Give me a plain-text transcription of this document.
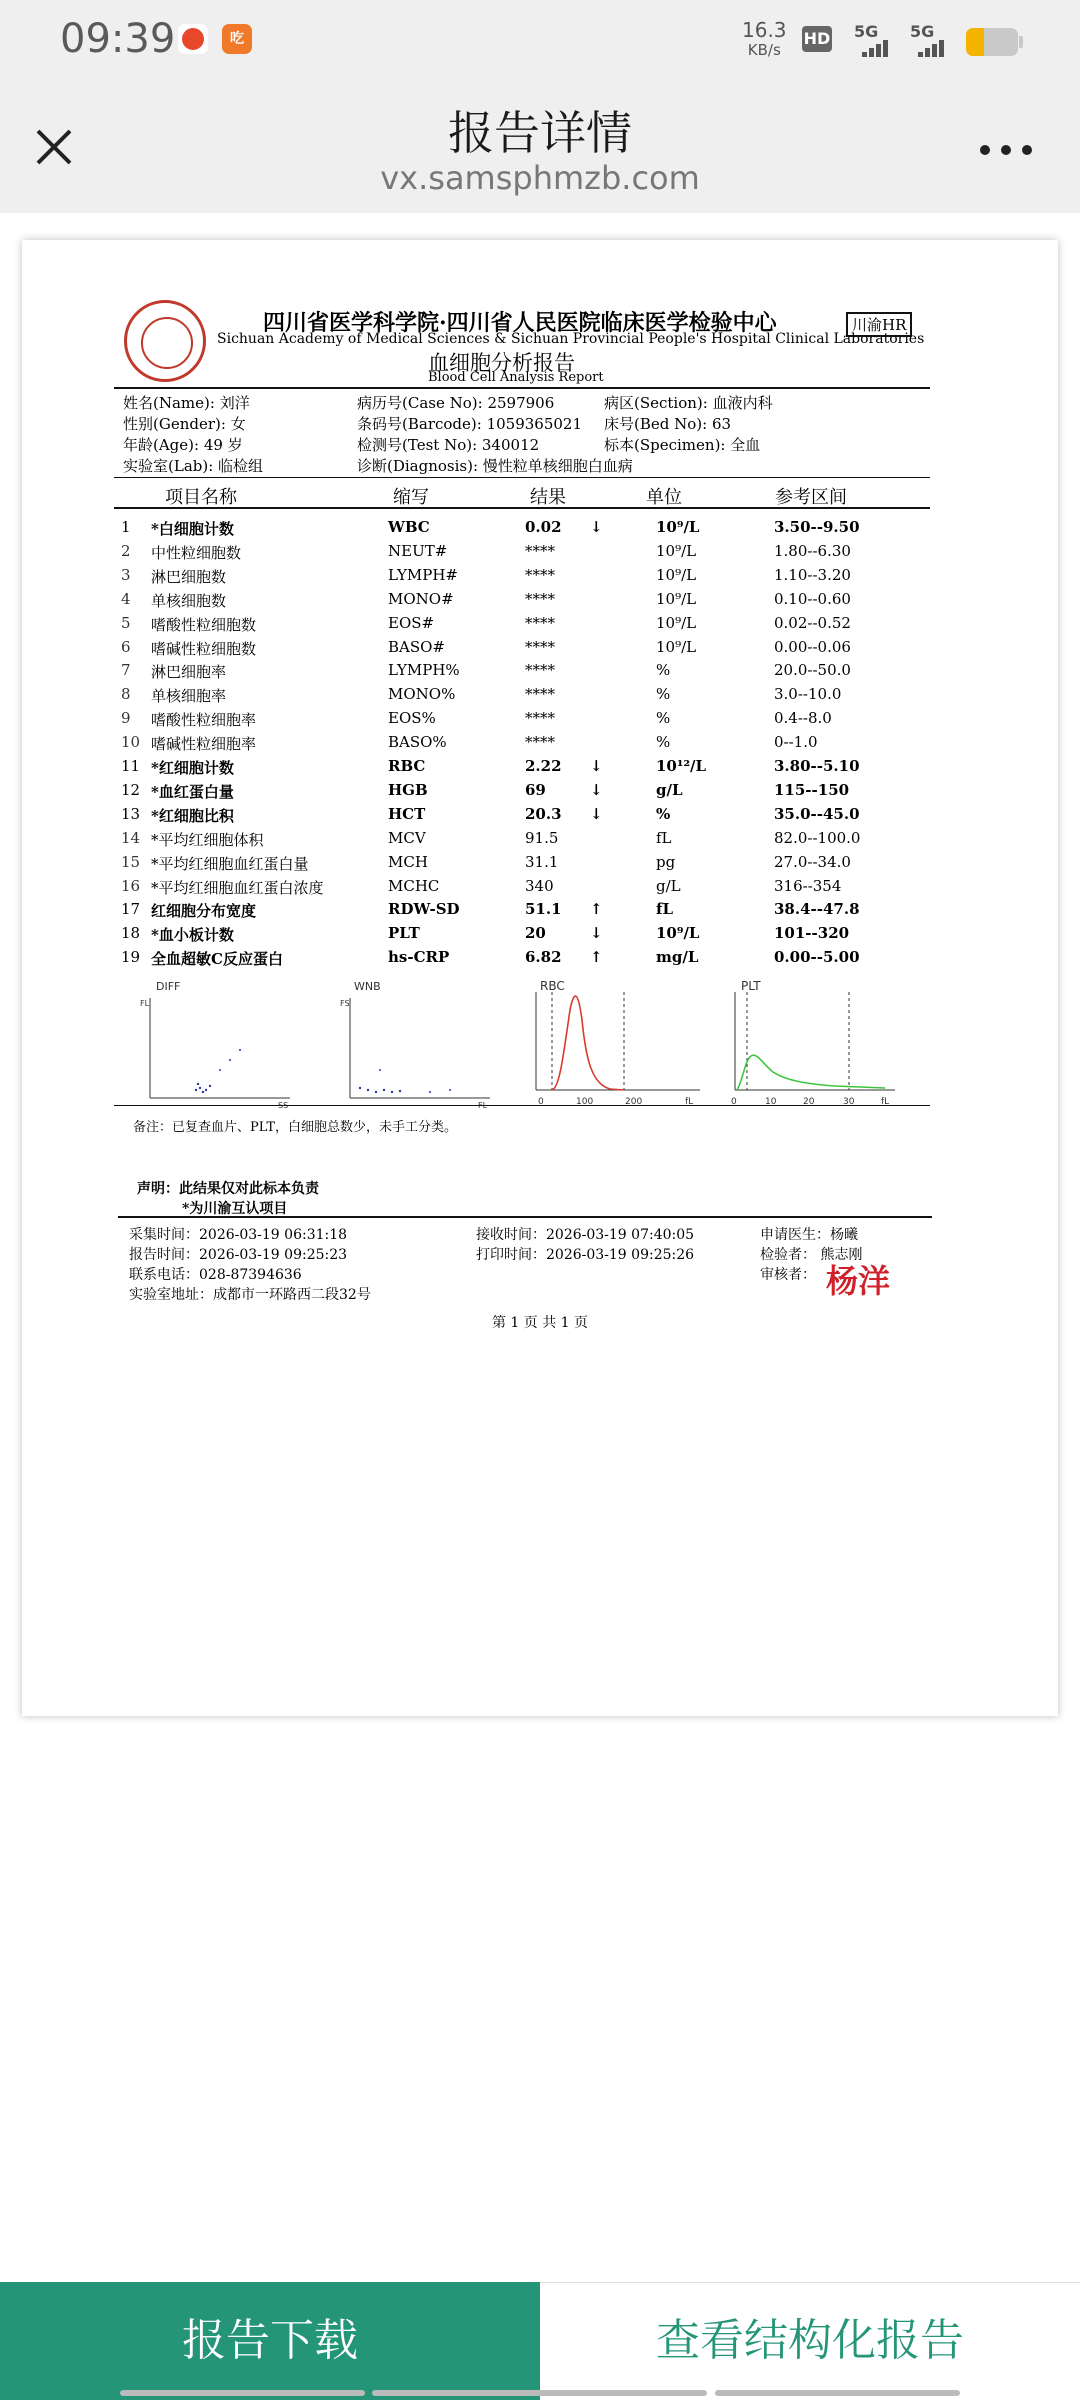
09:39	吃	16.3
KB/s
HD 5G 5G
报告详情
vx.samsphmzb.com
四川省医学科学院·四川省人民医院临床医学检验中心
Sichuan Academy of Medical Sciences & Sichuan Provincial People's Hospital Clinical Laboratories
川渝HR
血细胞分析报告
Blood Cell Analysis Report
姓名(Name): 刘洋	病历号(Case No): 2597906	病区(Section): 血液内科
性别(Gender): 女	条码号(Barcode): 1059365021 床号(Bed No): 63
年龄(Age): 49 岁	检测号(Test No): 340012	标本(Specimen): 全血
实验室(Lab): 临检组	诊断(Diagnosis): 慢性粒单核细胞白血病
项目名称	缩写	结果	单位	参考区间
1 *白细胞计数	WBC	0.02 ↓	10⁹/L	3.50--9.50
2 中性粒细胞数	NEUT#	****	10⁹/L	1.80--6.30
3 淋巴细胞数	LYMPH#	****	10⁹/L	1.10--3.20
4 单核细胞数	MONO#	****	10⁹/L	0.10--0.60
5 嗜酸性粒细胞数	EOS#	****	10⁹/L	0.02--0.52
6 嗜碱性粒细胞数	BASO#	****	10⁹/L	0.00--0.06
7 淋巴细胞率	LYMPH%	****	%	20.0--50.0
8 单核细胞率	MONO%	****	%	3.0--10.0
9 嗜酸性粒细胞率	EOS%	****	%	0.4--8.0
10 嗜碱性粒细胞率	BASO%	****	%	0--1.0
11 *红细胞计数	RBC	2.22 ↓	10¹²/L	3.80--5.10
12 *血红蛋白量	HGB	69	↓	g/L	115--150
13 *红细胞比积	HCT	20.3 ↓	%	35.0--45.0
14 *平均红细胞体积	MCV	91.5	fL	82.0--100.0
15 *平均红细胞血红蛋白量	MCH	31.1	pg	27.0--34.0
16 *平均红细胞血红蛋白浓度	MCHC	340	g/L	316--354
17 红细胞分布宽度	RDW-SD	51.1 ↑	fL	38.4--47.8
18 *血小板计数	PLT	20	↓	10⁹/L	101--320
19 全血超敏C反应蛋白	hs-CRP	6.82 ↑	mg/L	0.00--5.00
DIFF
FL
SS
WNB
FS
FL
RBC
0	100	200	fL
PLT
0	10	20	30	fL
备注：已复查血片、PLT，白细胞总数少，未手工分类。
声明：此结果仅对此标本负责
*为川渝互认项目
采集时间：2026-03-19 06:31:18	接收时间：2026-03-19 07:40:05	申请医生：杨曦
报告时间：2026-03-19 09:25:23	打印时间：2026-03-19 09:25:26	检验者： 熊志刚
联系电话：028-87394636	审核者： 杨洋
实验室地址：成都市一环路西二段32号
第 1 页 共 1 页
报告下载	查看结构化报告
